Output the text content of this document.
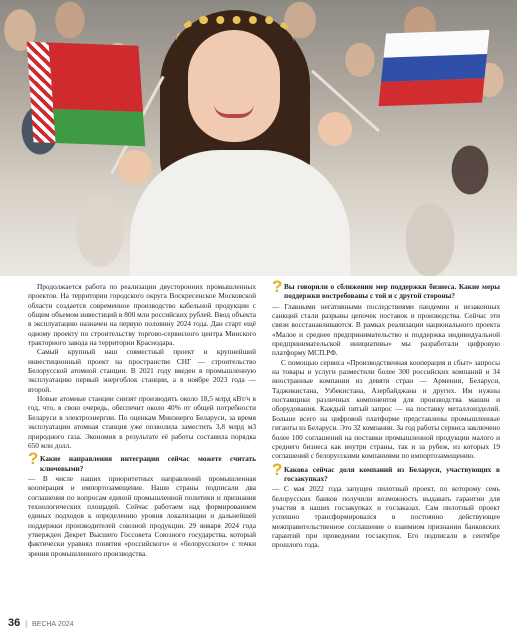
Продолжается работа по реализации двусторонних промышленных проектов. На территории городского округа Воскресенское Московской области создается современное производство кабельной продукции с общим объемом инвестиций в 800 млн российских рублей. Ввод объекта в эксплуатацию назначен на первую половину 2024 года. Дан старт ещё одному проекту по строительству торгово-сервисного центра Минского тракторного завода на территории Краснодара.

Самый крупный наш совместный проект и крупнейший инвестиционный проект на пространстве СНГ — строительство Белорусской атомной станции. В 2021 году введен в промышленную эксплуатацию первый энергоблок станции, а в ноябре 2023 года — второй.

Новые атомные станции снизят производить около 18,5 млрд кВт/ч в год, что, в свою очередь, обеспечит около 40% от общей потребности Беларуси в электроэнергии. По оценкам Минэнерго Беларуси, за время эксплуатации атомная станция уже позволила заместить 3,8 млрд м3 природного газа. Экономия в результате её работы составила порядка 650 млн долл.

? Какие направления интеграции сейчас можете считать ключевыми?

— В числе наших приоритетных направлений промышленная кооперация и импортозамещение. Наши страны подписали два соглашения по вопросам единой промышленной политики и признания технологических площадей. Сейчас работаем над формированием единых подходов к определению уровня локализации и дальнейшей поддержки производителей союзной продукции. 29 января 2024 года утвержден Декрет Высшего Госсовета Союзного государства, который фактически уравнял понятия «российского» и «белорусского» с точки зрения промышленного производства.

? Вы говорили о сближении мер поддержки бизнеса. Какие меры поддержки востребованы с той и с другой стороны?

— Главными негативными последствиями пандемии и незаконных санкций стали разрывы цепочек поставок и производства. Сейчас эти связи восстанавливаются. В рамках реализации национального проекта «Малое и среднее предпринимательство и поддержка индивидуальной предпринимательской инициативы» мы разработали цифровую платформу МСП.РФ.

С помощью сервиса «Производственная кооперация и сбыт» запросы на товары и услуги разместили более 300 российских компаний и 34 иностранные компании из девяти стран — Армении, Беларуси, Таджикистана, Узбекистана, Азербайджана и других. Им нужны поставщики различных компонентов для производства машин и оборудования. Каждый пятый запрос — на поставку металлоизделий. Больше всего на цифровой платформе представлены промышленные гиганты из Беларуси. Это 32 компании. За год работы сервиса заключено более 100 соглашений на поставки промышленной продукции малого и среднего бизнеса как внутри страны, так и за рубеж, из которых 19 соглашений с белорусскими компаниями по импортозамещению.

? Какова сейчас доля компаний из Беларуси, участвующих в госзакупках?

— С мая 2022 года запущен пилотный проект, по которому семь белорусских банков получили возможность выдавать гарантии для участия в наших госзакупках и госзаказах. Сам пилотный проект успешно трансформировался в постоянно действующее межправительственное соглашение о взаимном признании банковских гарантий при проведении госзакупок. Его подписали в сентябре прошлого года.

36 | ВЕСНА 2024
